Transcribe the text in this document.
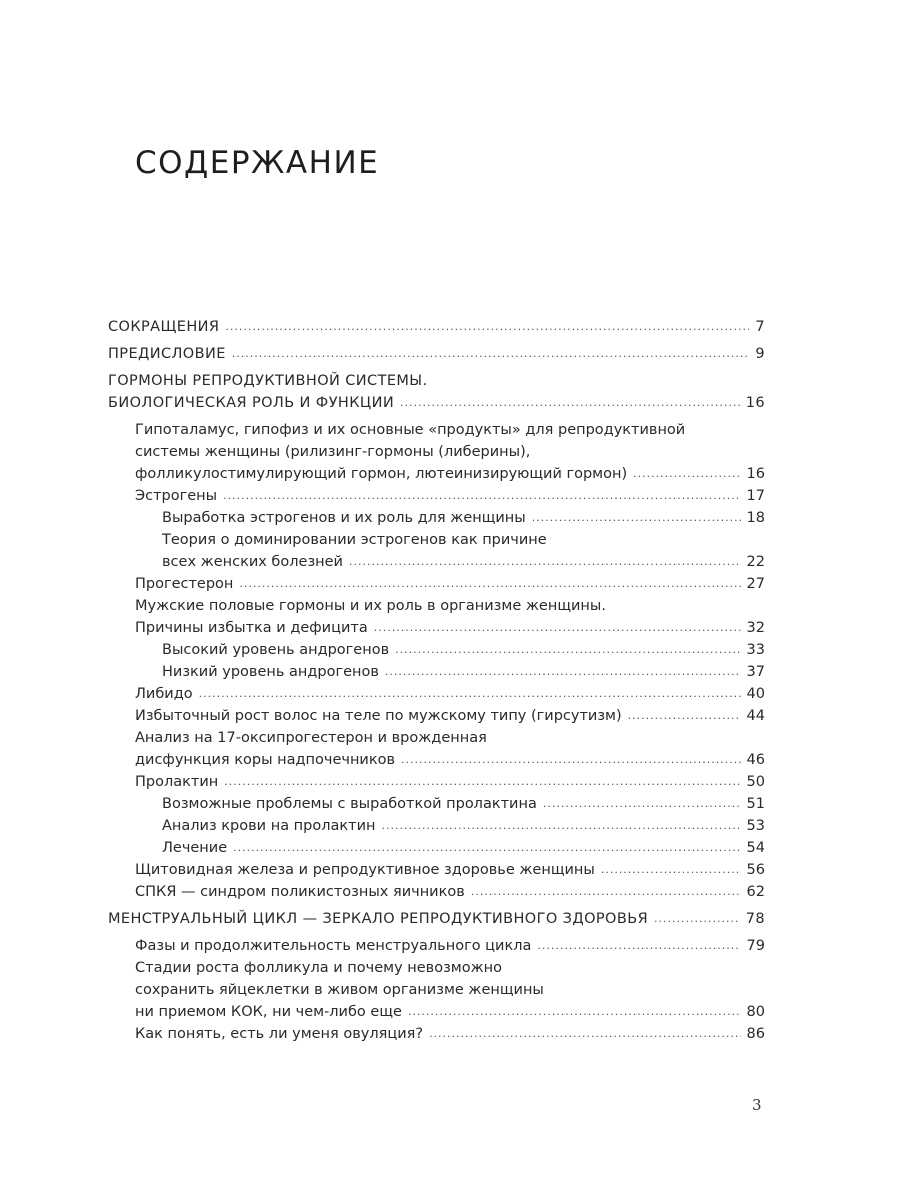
СОДЕРЖАНИЕ
СОКРАЩЕНИЯ .....	7
ПРЕДИСЛОВИЕ .....	9
ГОРМОНЫ РЕПРОДУКТИВНОЙ СИСТЕМЫ.
БИОЛОГИЧЕСКАЯ РОЛЬ И ФУНКЦИИ .....	16
Гипоталамус, гипофиз и их основные «продукты» для репродуктивной
системы женщины (рилизинг-гормоны (либерины),
фолликулостимулирующий гормон, лютеинизирующий гормон) .....	16
Эстрогены .....	17
Выработка эстрогенов и их роль для женщины .....	18
Теория о доминировании эстрогенов как причине
всех женских болезней .....	22
Прогестерон .....	27
Мужские половые гормоны и их роль в организме женщины.
Причины избытка и дефицита .....	32
Высокий уровень андрогенов .....	33
Низкий уровень андрогенов .....	37
Либидо .....	40
Избыточный рост волос на теле по мужскому типу (гирсутизм) .....	44
Анализ на 17-оксипрогестерон и врожденная
дисфункция коры надпочечников .....	46
Пролактин .....	50
Возможные проблемы с выработкой пролактина .....	51
Анализ крови на пролактин .....	53
Лечение .....	54
Щитовидная железа и репродуктивное здоровье женщины .....	56
СПКЯ — синдром поликистозных яичников .....	62
МЕНСТРУАЛЬНЫЙ ЦИКЛ — ЗЕРКАЛО РЕПРОДУКТИВНОГО ЗДОРОВЬЯ .....	78
Фазы и продолжительность менструального цикла .....	79
Стадии роста фолликула и почему невозможно
сохранить яйцеклетки в живом организме женщины
ни приемом КОК, ни чем-либо еще .....	80
Как понять, есть ли уменя овуляция? .....	86
3
